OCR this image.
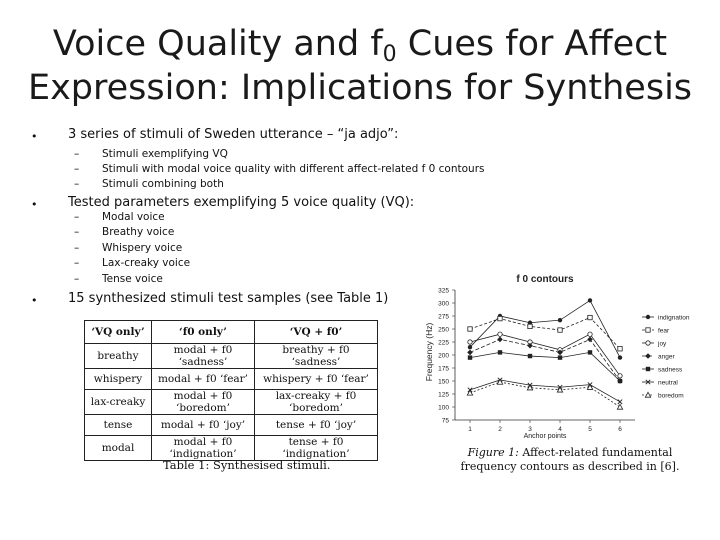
Voice Quality and $f_0$ Cues for Affect
Expression: Implications for Synthesis
• 3 series of stimuli of Sweden utterance – “ja adjo”:
– Stimuli exemplifying VQ
– Stimuli with modal voice quality with different affect-related f 0 contours
– Stimuli combining both
• Tested parameters exemplifying 5 voice quality (VQ):
– Modal voice
– Breathy voice
– Whispery voice
– Lax-creaky voice
– Tense voice
• 15 synthesized stimuli test samples (see Table 1)
‘VQ only’	‘f0 only’	‘VQ + f0’
breathy	modal + f0 ‘sadness’	breathy + f0 ‘sadness’
whispery	modal + f0 ‘fear’	whispery + f0 ‘fear’
lax-creaky	modal + f0 ‘boredom’	lax-creaky + f0 ‘boredom’
tense	modal + f0 ‘joy’	tense + f0 ‘joy’
modal	modal + f0 ‘indignation’	tense + f0 ‘indignation’
Table 1: Synthesised stimuli.
f 0 contours
Frequency (Hz)
Anchor points
75
100
125
150
175
200
225
250
275
300
325
1	2	3	4	5	6
indignation
fear
joy
anger
sadness
neutral
boredom
Figure 1: Affect-related fundamental frequency contours as described in [6].
